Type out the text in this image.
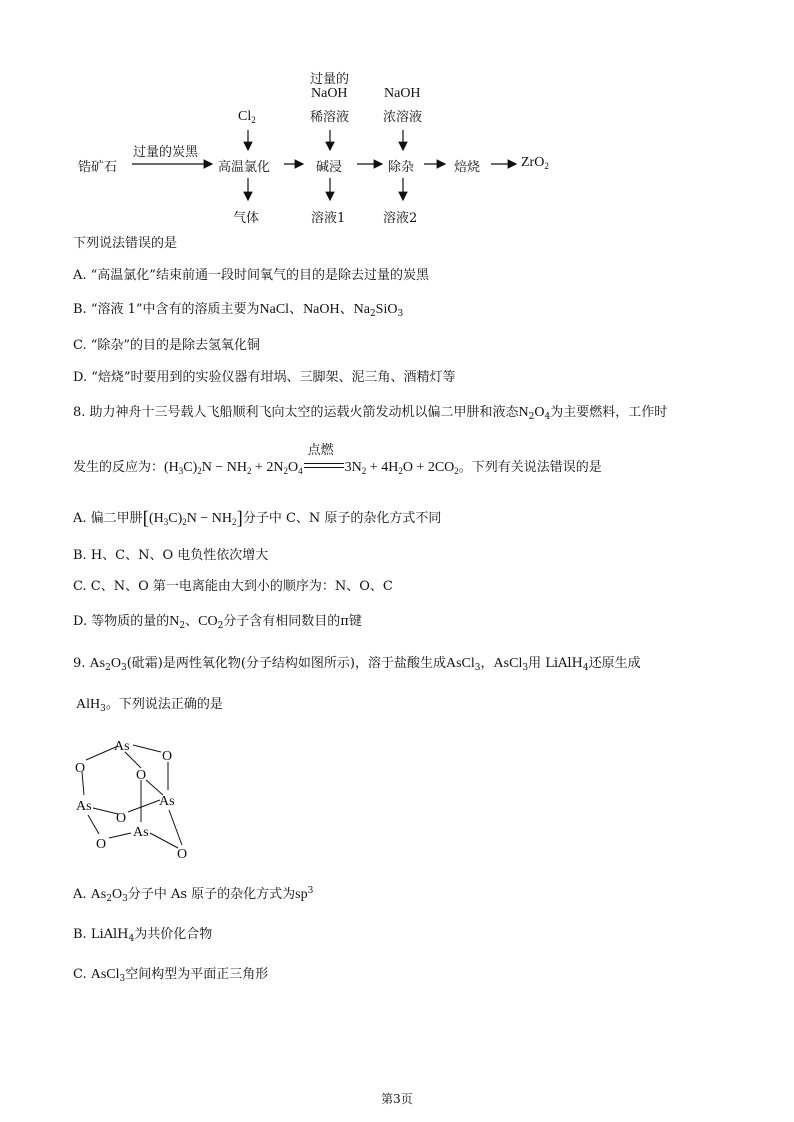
锆矿石
过量的炭黑
高温氯化
$Cl_2$
气体
碱浸
过量的
NaOH
稀溶液
溶液1
除杂
NaOH
浓溶液
溶液2
焙烧	ZrO$_2$
下列说法错误的是
A. “高温氯化”结束前通一段时间氧气的目的是除去过量的炭黑
B. “溶液 1”中含有的溶质主要为NaCl、NaOH、$Na_2SiO_3$
C. “除杂”的目的是除去氢氧化铜
D. “焙烧”时要用到的实验仪器有坩埚、三脚架、泥三角、酒精灯等
8. 助力神舟十三号载人飞船顺利飞向太空的运载火箭发动机以偏二甲肼和液态$N_2O_4$为主要燃料，工作时
发生的反应为：$(H_3C)_2N - NH_2 + 2N_2O_4$
点燃
$3N_2 + 4H_2O + 2CO_2$。下列有关说法错误的是
A. 偏二甲肼$[(H_3C)_2N - NH_2]$分子中 C、N 原子的杂化方式不同
B. H、C、N、O 电负性依次增大
C. C、N、O 第一电离能由大到小的顺序为：N、O、C
D. 等物质的量的$N_2$、$CO_2$分子含有相同数目的π键
9. $As_2O_3$(砒霜)是两性氧化物(分子结构如图所示)，溶于盐酸生成AsCl$_3$，AsCl$_3$用 LiAlH$_4$还原生成
AlH$_3$。下列说法正确的是
As
O
O	O
As	As
O
As
O
O
A. $As_2O_3$分子中 As 原子的杂化方式为$sp^3$
B. LiAlH$_4$为共价化合物
C. AsCl$_3$空间构型为平面正三角形
第3页
